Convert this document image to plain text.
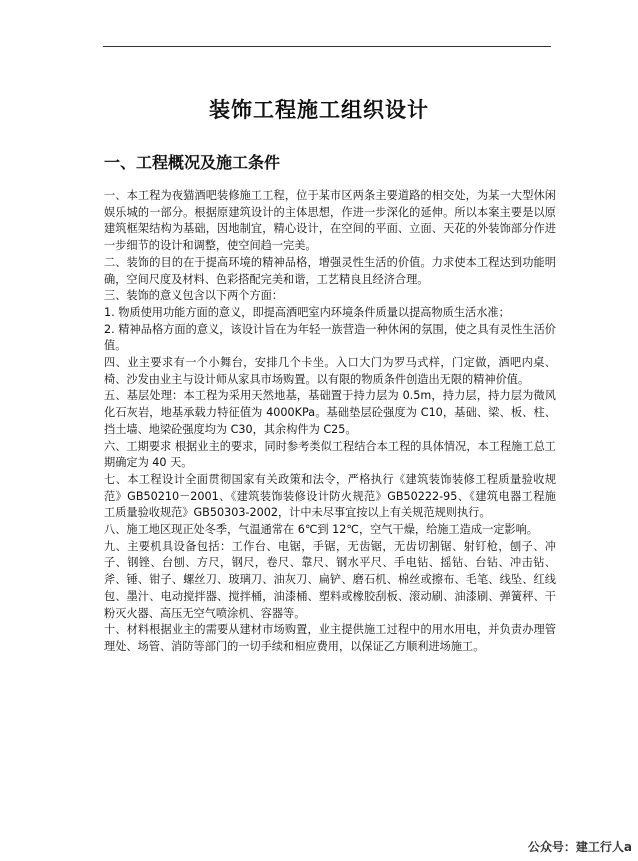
装饰工程施工组织设计
一、工程概况及施工条件

一、本工程为夜猫酒吧装修施工工程，位于某市区两条主要道路的相交处，为某一大型休闲娱乐城的一部分。根据原建筑设计的主体思想，作进一步深化的延伸。所以本案主要是以原建筑框架结构为基础，因地制宜，精心设计，在空间的平面、立面、天花的外装饰部分作进一步细节的设计和调整，使空间趋一完美。

二、装饰的目的在于提高环境的精神品格，增强灵性生活的价值。力求使本工程达到功能明确，空间尺度及材料、色彩搭配完美和谐，工艺精良且经济合理。

三、装饰的意义包含以下两个方面：

1. 物质使用功能方面的意义，即提高酒吧室内环境条件质量以提高物质生活水准；

2. 精神品格方面的意义，该设计旨在为年轻一族营造一种休闲的氛围，使之具有灵性生活价值。

四、业主要求有一个小舞台，安排几个卡坐。入口大门为罗马式样，门定做，酒吧内桌、椅、沙发由业主与设计师从家具市场购置。以有限的物质条件创造出无限的精神价值。

五、基层处理：本工程为采用天然地基，基础置于持力层为 0.5m，持力层，持力层为微风化石灰岩，地基承载力特征值为 4000KPa。基础垫层砼强度为 C10，基础、梁、板、柱、挡土墙、地梁砼强度均为 C30，其余构件为 C25。

六、工期要求 根据业主的要求，同时参考类似工程结合本工程的具体情况，本工程施工总工期确定为 40 天。

七、本工程设计全面贯彻国家有关政策和法令，严格执行《建筑装饰装修工程质量验收规范》GB50210－2001、《建筑装饰装修设计防火规范》GB50222-95、《建筑电器工程施工质量验收规范》GB50303-2002，计中未尽事宜按以上有关规范规则执行。

八、施工地区现正处冬季，气温通常在 6℃到 12℃，空气干燥，给施工造成一定影响。

九、主要机具设备包括：工作台、电锯，手锯，无齿锯，无齿切割锯、射钉枪，刨子、冲子、钢锉、台刨、方尺，钢尺，卷尺、靠尺、钢水平尺、手电钻、摇钻、台钻、冲击钻、斧、锤、钳子、螺丝刀、玻璃刀、油灰刀、扁铲、磨石机、棉丝或擦布、毛笔、线坠、红线包、墨汁、电动搅拌器、搅拌桶，油漆桶、塑料或橡胶刮板、滚动刷、油漆刷、弹簧秤、干粉灭火器、高压无空气喷涂机、容器等。

十、材料根据业主的需要从建材市场购置，业主提供施工过程中的用水用电，并负责办理管理处、场管、消防等部门的一切手续和相应费用，以保证乙方顺利进场施工。

公众号：建工行人a
